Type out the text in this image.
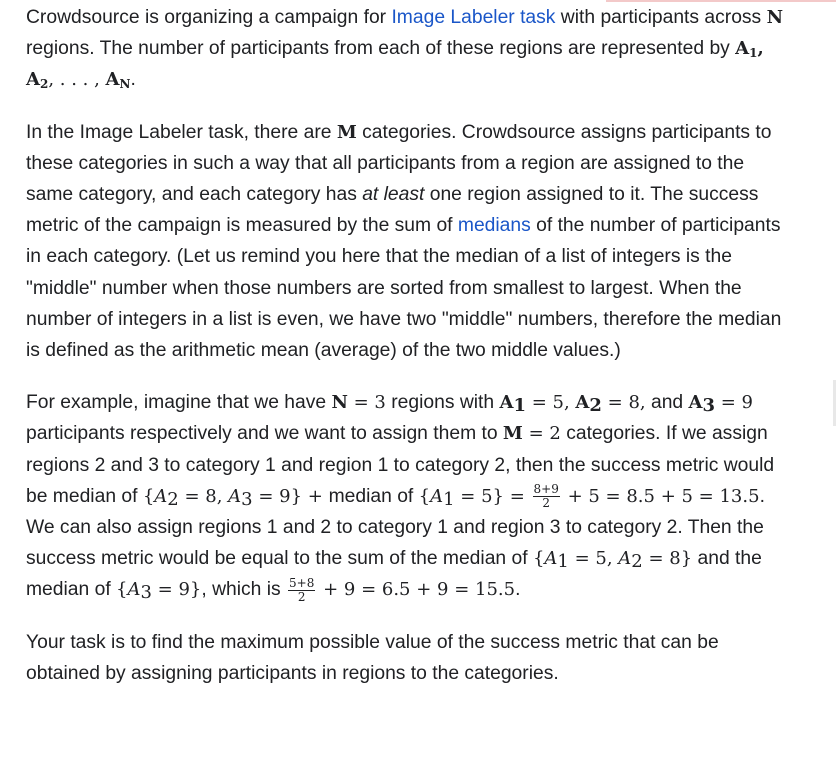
Crowdsource is organizing a campaign for Image Labeler task with participants across N regions. The number of participants from each of these regions are represented by $A_1$, $A_2$, . . . , $A_N$.

In the Image Labeler task, there are M categories. Crowdsource assigns participants to these categories in such a way that all participants from a region are assigned to the same category, and each category has at least one region assigned to it. The success metric of the campaign is measured by the sum of medians of the number of participants in each category. (Let us remind you here that the median of a list of integers is the "middle" number when those numbers are sorted from smallest to largest. When the number of integers in a list is even, we have two "middle" numbers, therefore the median is defined as the arithmetic mean (average) of the two middle values.)

For example, imagine that we have N = 3 regions with $A_1 = 5$, $A_2 = 8$, and $A_3 = 9$ participants respectively and we want to assign them to M = 2 categories. If we assign regions 2 and 3 to category 1 and region 1 to category 2, then the success metric would be median of {$A_2 = 8$, $A_3 = 9$} + median of $\{A_1 = 5\} = \frac{8+9}{2} + 5 = 8.5 + 5 = 13.5$. We can also assign regions 1 and 2 to category 1 and region 3 to category 2. Then the success metric would be equal to the sum of the median of {$A_1 = 5$, $A_2 = 8$} and the median of $\{A_3 = 9\}$, which is $\frac{5+8}{2} + 9 = 6.5 + 9 = 15.5$.

Your task is to find the maximum possible value of the success metric that can be obtained by assigning participants in regions to the categories.
